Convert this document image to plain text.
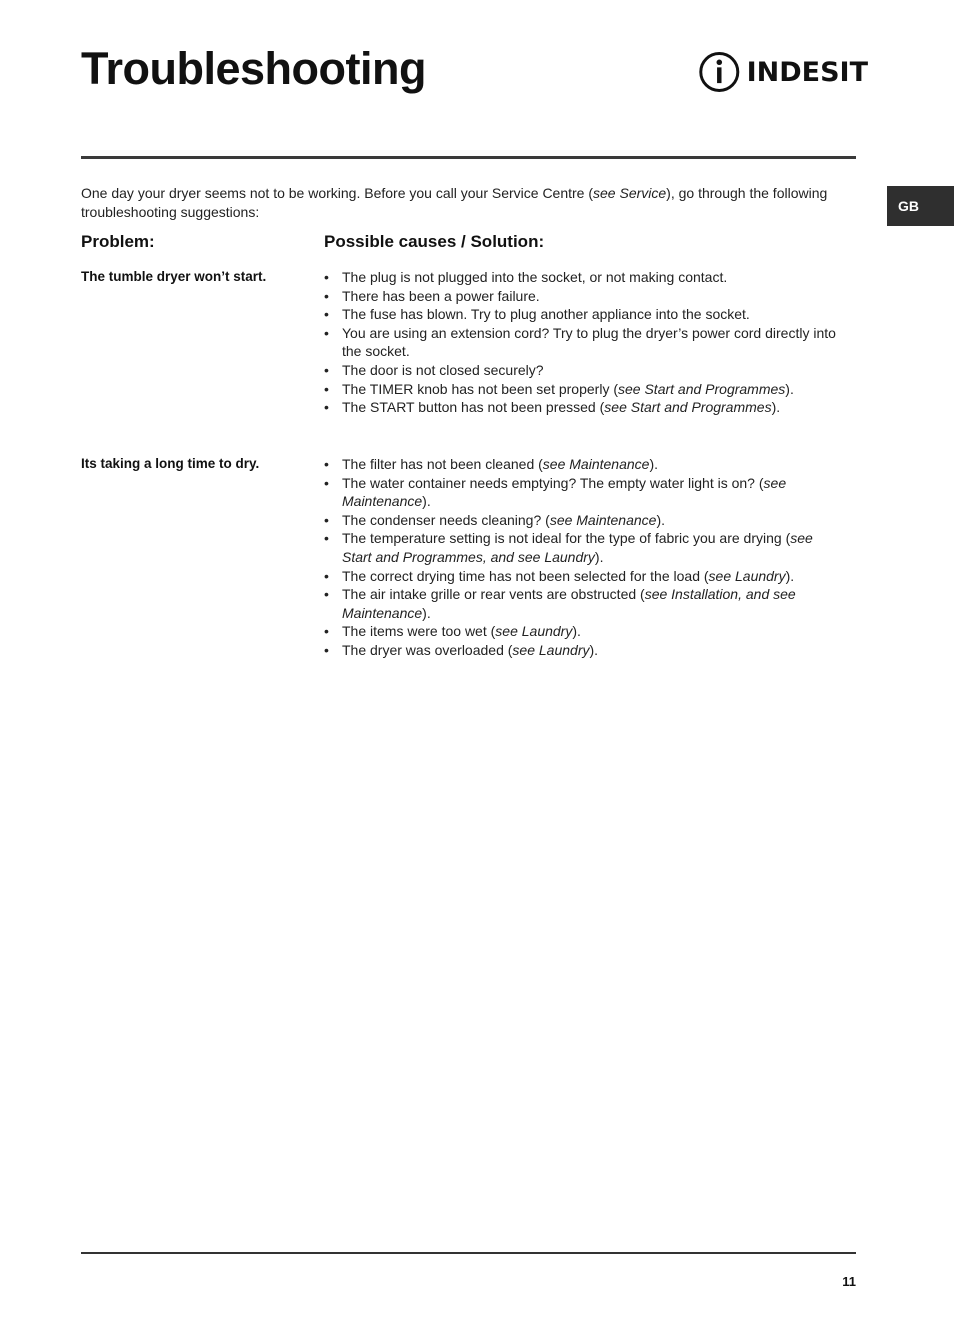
Troubleshooting	INDESIT
GB

One day your dryer seems not to be working. Before you call your Service Centre (see Service), go through the following troubleshooting suggestions:

Problem:	Possible causes / Solution:

The tumble dryer won’t start.	• The plug is not plugged into the socket, or not making contact.
• There has been a power failure.
• The fuse has blown. Try to plug another appliance into the socket.
• You are using an extension cord? Try to plug the dryer’s power cord directly into the socket.
• The door is not closed securely?
• The TIMER knob has not been set properly (see Start and Programmes).
• The START button has not been pressed (see Start and Programmes).

Its taking a long time to dry.	• The filter has not been cleaned (see Maintenance).
• The water container needs emptying? The empty water light is on? (see Maintenance).
• The condenser needs cleaning? (see Maintenance).
• The temperature setting is not ideal for the type of fabric you are drying (see Start and Programmes, and see Laundry).
• The correct drying time has not been selected for the load (see Laundry).
• The air intake grille or rear vents are obstructed (see Installation, and see Maintenance).
• The items were too wet (see Laundry).
• The dryer was overloaded (see Laundry).
11
